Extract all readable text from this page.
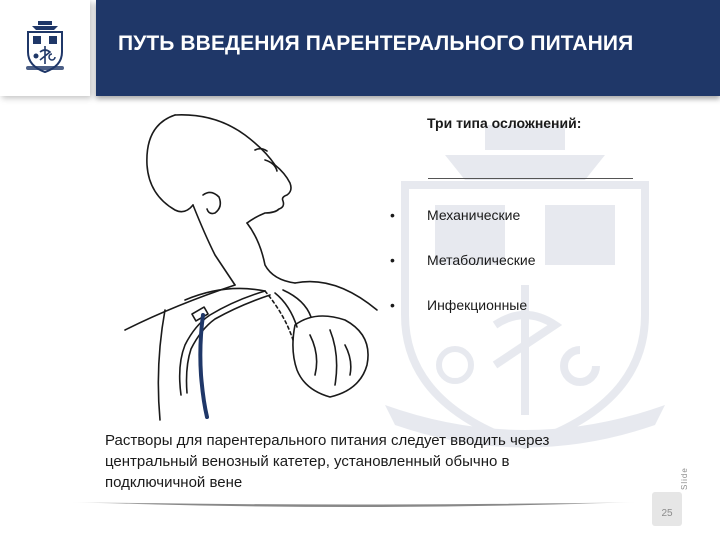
ПУТЬ ВВЕДЕНИЯ ПАРЕНТЕРАЛЬНОГО ПИТАНИЯ
Три типа осложнений:
• Механические
• Метаболические
• Инфекционные

Растворы для парентерального питания следует вводить через
центральный венозный катетер, установленный обычно в
подключичной вене

25
Slide
